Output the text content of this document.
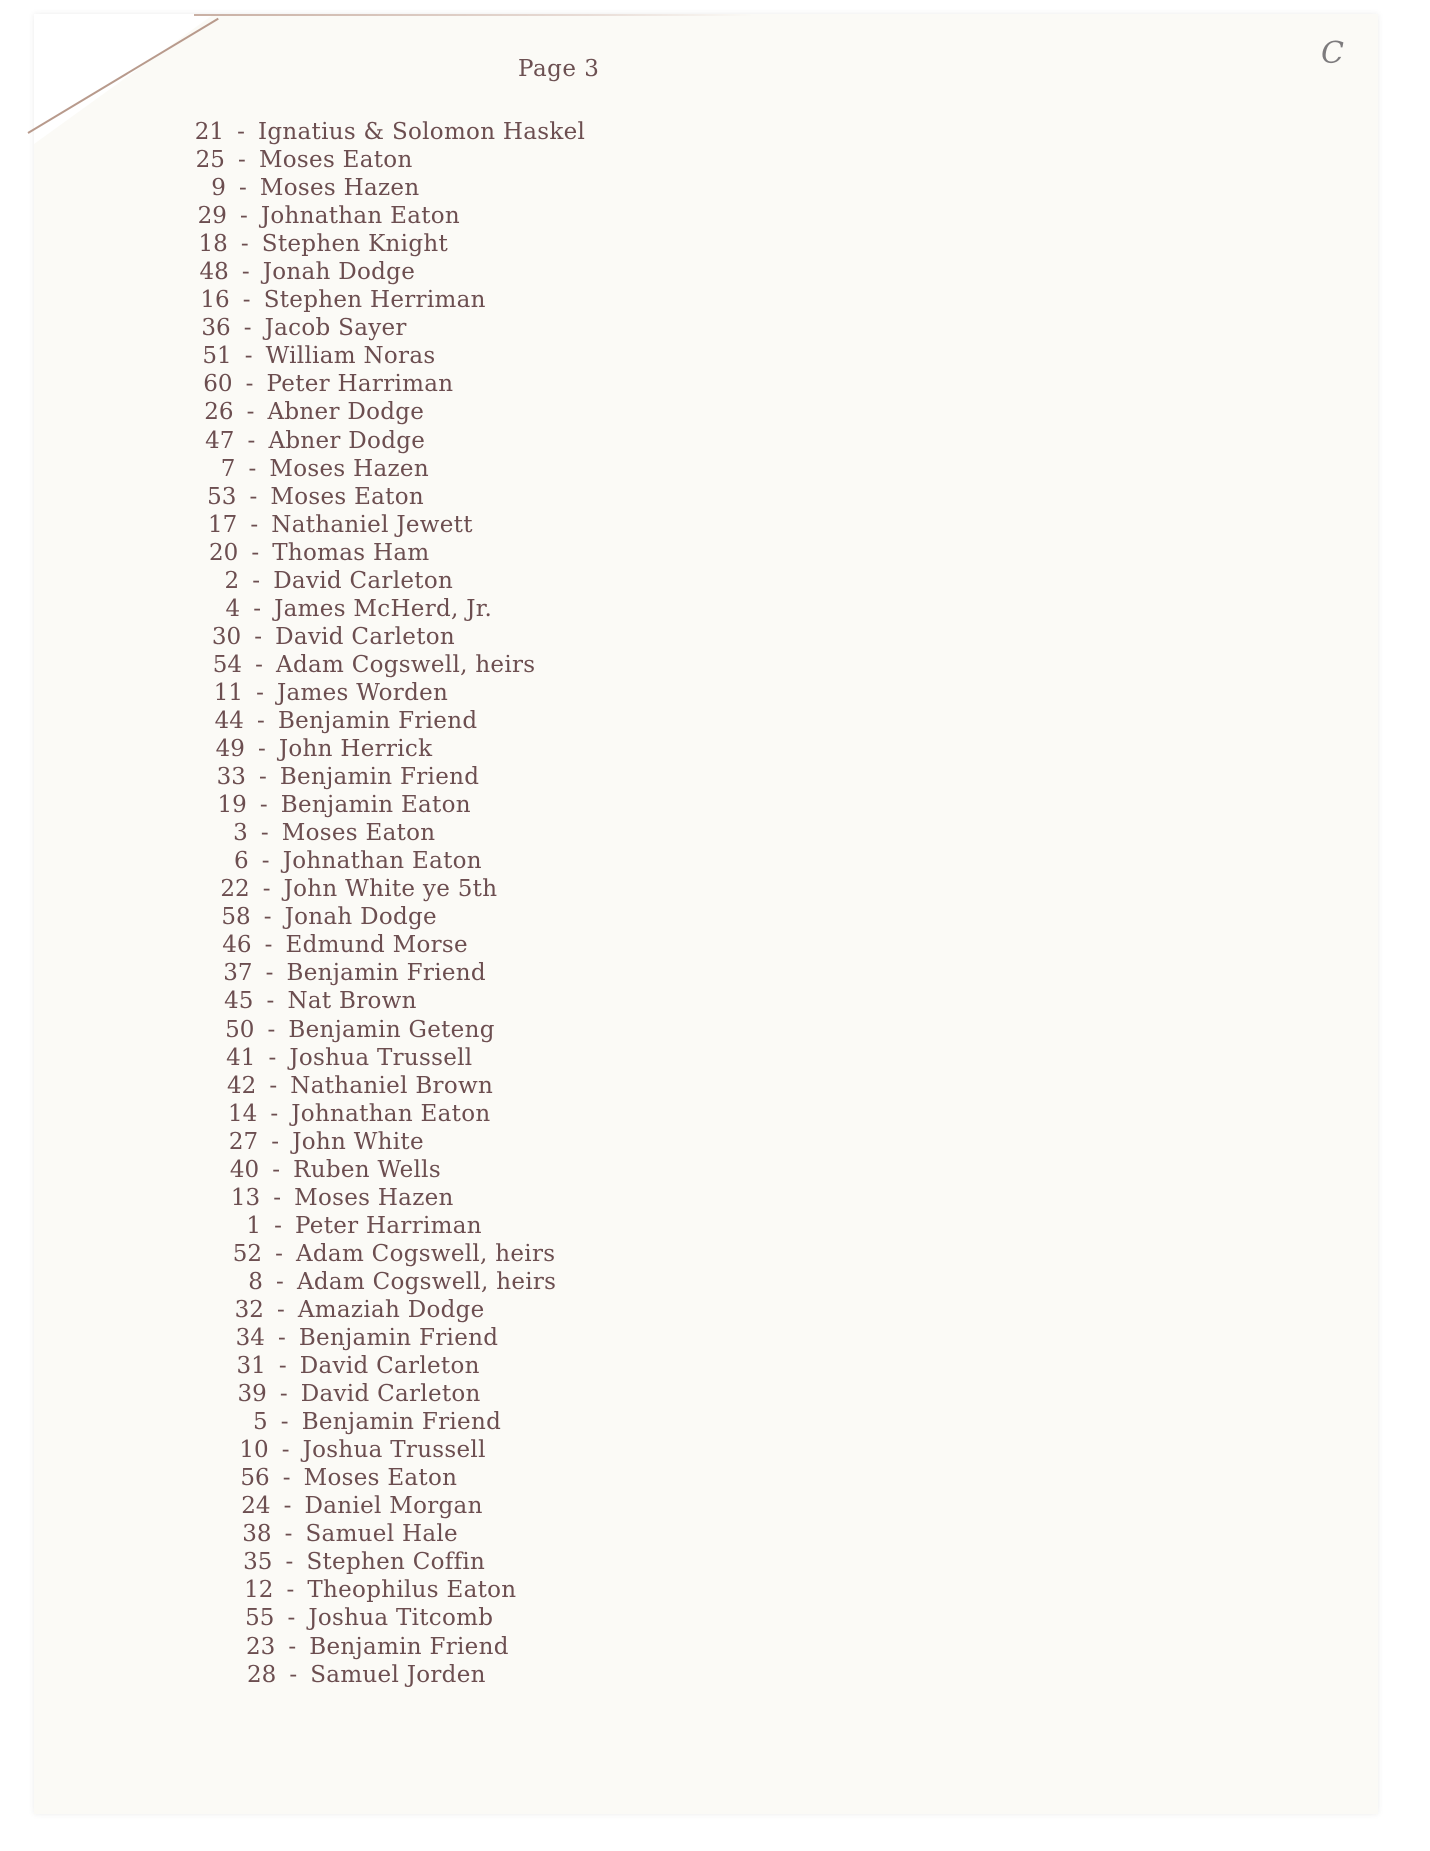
C
Page 3
21 - Ignatius & Solomon Haskel
25 - Moses Eaton
9 - Moses Hazen
29 - Johnathan Eaton
18 - Stephen Knight
48 - Jonah Dodge
16 - Stephen Herriman
36 - Jacob Sayer
51 - William Noras
60 - Peter Harriman
26 - Abner Dodge
47 - Abner Dodge
7 - Moses Hazen
53 - Moses Eaton
17 - Nathaniel Jewett
20 - Thomas Ham
2 - David Carleton
4 - James McHerd, Jr.
30 - David Carleton
54 - Adam Cogswell, heirs
11 - James Worden
44 - Benjamin Friend
49 - John Herrick
33 - Benjamin Friend
19 - Benjamin Eaton
3 - Moses Eaton
6 - Johnathan Eaton
22 - John White ye 5th
58 - Jonah Dodge
46 - Edmund Morse
37 - Benjamin Friend
45 - Nat Brown
50 - Benjamin Geteng
41 - Joshua Trussell
42 - Nathaniel Brown
14 - Johnathan Eaton
27 - John White
40 - Ruben Wells
13 - Moses Hazen
1 - Peter Harriman
52 - Adam Cogswell, heirs
8 - Adam Cogswell, heirs
32 - Amaziah Dodge
34 - Benjamin Friend
31 - David Carleton
39 - David Carleton
5 - Benjamin Friend
10 - Joshua Trussell
56 - Moses Eaton
24 - Daniel Morgan
38 - Samuel Hale
35 - Stephen Coffin
12 - Theophilus Eaton
55 - Joshua Titcomb
23 - Benjamin Friend
28 - Samuel Jorden
